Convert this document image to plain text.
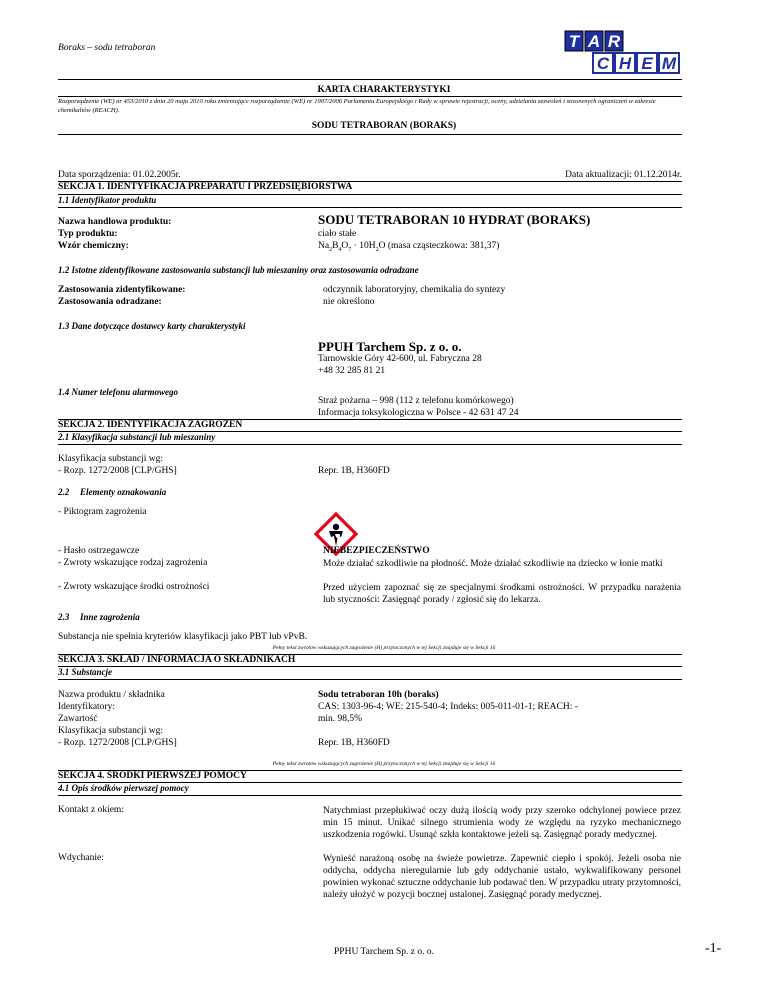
Boraks – sodu tetraboran	T A R
C H E M
KARTA CHARAKTERYSTYKI
Rozporządzenie (WE) nr 453/2010 z dnia 20 maja 2010 roku zmieniające rozporządzenie (WE) nr 1907/2006 Parlamentu Europejskiego i Rady w sprawie rejestracji, oceny, udzielania zezwoleń i stosownych ograniczeń w zakresie chemikaliów (REACH).
SODU TETRABORAN (BORAKS)
Data sporządzenia: 01.02.2005r.	Data aktualizacji: 01.12.2014r.
SEKCJA 1. IDENTYFIKACJA PREPARATU I PRZEDSIĘBIORSTWA
1.1 Identyfikator produktu
Nazwa handlowa produktu:	SODU TETRABORAN 10 HYDRAT (BORAKS)
Typ produktu:	ciało stałe
Wzór chemiczny:	$Na_2B_4O_7 \cdot 10H_2O$ (masa cząsteczkowa: 381,37)
1.2 Istotne zidentyfikowane zastosowania substancji lub mieszaniny oraz zastosowania odradzane
Zastosowania zidentyfikowane:	odczynnik laboratoryjny, chemikalia do syntezy
Zastosowania odradzane:	nie określono
1.3 Dane dotyczące dostawcy karty charakterystyki
PPUH Tarchem Sp. z o. o.
Tarnowskie Góry 42-600, ul. Fabryczna 28
+48 32 285 81 21
1.4 Numer telefonu alarmowego
Straż pożarna – 998 (112 z telefonu komórkowego)
Informacja toksykologiczna w Polsce - 42 631 47 24
SEKCJA 2. IDENTYFIKACJA ZAGROŻEŃ
2.1 Klasyfikacja substancji lub mieszaniny
Klasyfikacja substancji wg:
- Rozp. 1272/2008 [CLP/GHS]	Repr. 1B, H360FD
2.2 Elementy oznakowania
- Piktogram zagrożenia
- Hasło ostrzegawcze	NIEBEZPIECZEŃSTWO
- Zwroty wskazujące rodzaj zagrożenia	Może działać szkodliwie na płodność. Może działać szkodliwie na dziecko w łonie matki
- Zwroty wskazujące środki ostrożności	Przed użyciem zapoznać się ze specjalnymi środkami ostrożności. W przypadku narażenia lub styczności: Zasięgnąć porady / zgłosić się do lekarza.
2.3 Inne zagrożenia
Substancja nie spełnia kryteriów klasyfikacji jako PBT lub vPvB.
Pełny tekst zwrotów wskazujących zagrożenie (H) przytoczonych w tej Sekcji znajduje się w Sekcji 16
SEKCJA 3. SKŁAD / INFORMACJA O SKŁADNIKACH
3.1 Substancje
Nazwa produktu / składnika	Sodu tetraboran 10h (boraks)
Identyfikatory:	CAS: 1303-96-4; WE: 215-540-4; Indeks: 005-011-01-1; REACH: -
Zawartość	min. 98,5%
Klasyfikacja substancji wg:
- Rozp. 1272/2008 [CLP/GHS]	Repr. 1B, H360FD
Pełny tekst zwrotów wskazujących zagrożenie (H) przytoczonych w tej Sekcji znajduje się w Sekcji 16
SEKCJA 4. ŚRODKI PIERWSZEJ POMOCY
4.1 Opis środków pierwszej pomocy
Kontakt z okiem:	Natychmiast przepłukiwać oczy dużą ilością wody przy szeroko odchylonej powiece przez min 15 minut. Unikać silnego strumienia wody ze względu na ryzyko mechanicznego uszkodzenia rogówki. Usunąć szkła kontaktowe jeżeli są. Zasięgnąć porady medycznej.
Wdychanie:	Wynieść narażoną osobę na świeże powietrze. Zapewnić ciepło i spokój. Jeżeli osoba nie oddycha, oddycha nieregularnie lub gdy oddychanie ustało, wykwalifikowany personel powinien wykonać sztuczne oddychanie lub podawać tlen. W przypadku utraty przytomności, należy ułożyć w pozycji bocznej ustalonej. Zasięgnąć porady medycznej.
PPHU Tarchem Sp. z o. o.	-1-
